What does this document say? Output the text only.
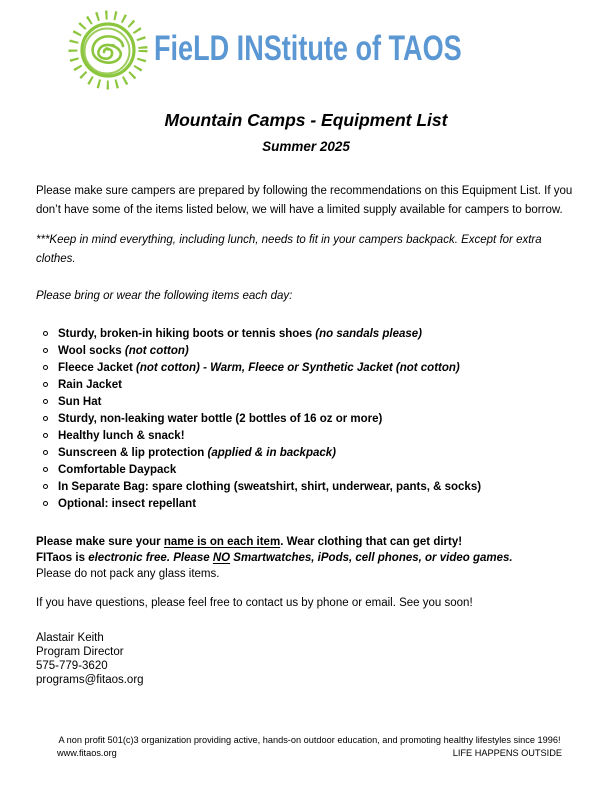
FieLD INStitute of TAOS
Mountain Camps - Equipment List
Summer 2025

Please make sure campers are prepared by following the recommendations on this Equipment List. If you don’t have some of the items listed below, we will have a limited supply available for campers to borrow.

***Keep in mind everything, including lunch, needs to fit in your campers backpack. Except for extra clothes.

Please bring or wear the following items each day:

Sturdy, broken-in hiking boots or tennis shoes (no sandals please)
Wool socks (not cotton)
Fleece Jacket (not cotton) - Warm, Fleece or Synthetic Jacket (not cotton)
Rain Jacket
Sun Hat
Sturdy, non-leaking water bottle (2 bottles of 16 oz or more)
Healthy lunch & snack!
Sunscreen & lip protection (applied & in backpack)
Comfortable Daypack
In Separate Bag: spare clothing (sweatshirt, shirt, underwear, pants, & socks)
Optional: insect repellant
Please make sure your name is on each item. Wear clothing that can get dirty!
FITaos is electronic free. Please NO Smartwatches, iPods, cell phones, or video games.
Please do not pack any glass items.

If you have questions, please feel free to contact us by phone or email. See you soon!

Alastair Keith
Program Director
575-779-3620
programs@fitaos.org
A non profit 501(c)3 organization providing active, hands-on outdoor education, and promoting healthy lifestyles since 1996!
www.fitaos.org	LIFE HAPPENS OUTSIDE
